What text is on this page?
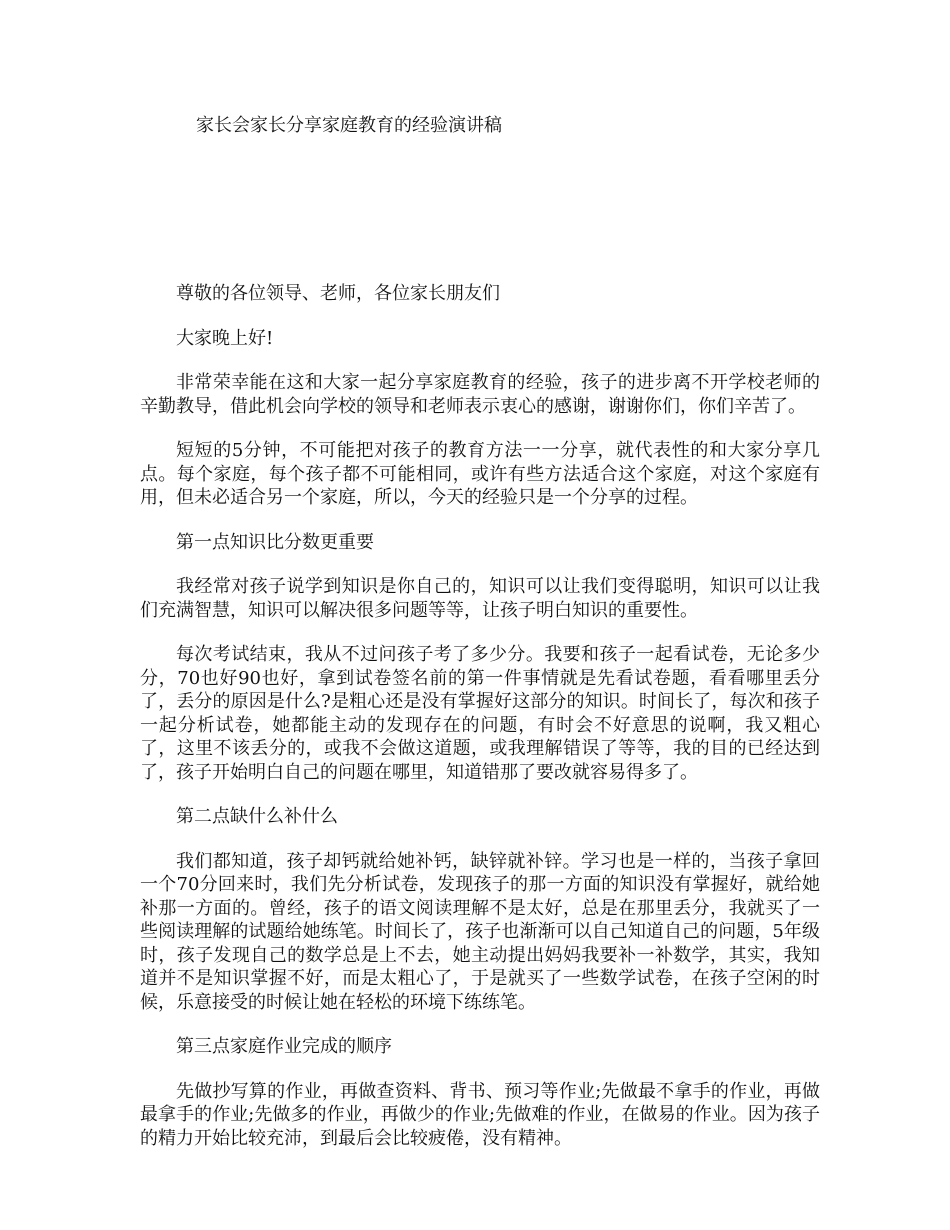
家长会家长分享家庭教育的经验演讲稿

尊敬的各位领导、老师，各位家长朋友们

大家晚上好!

非常荣幸能在这和大家一起分享家庭教育的经验，孩子的进步离不开学校老师的辛勤教导，借此机会向学校的领导和老师表示衷心的感谢，谢谢你们，你们辛苦了。

短短的5分钟，不可能把对孩子的教育方法一一分享，就代表性的和大家分享几点。每个家庭，每个孩子都不可能相同，或许有些方法适合这个家庭，对这个家庭有用，但未必适合另一个家庭，所以，今天的经验只是一个分享的过程。

第一点知识比分数更重要

我经常对孩子说学到知识是你自己的，知识可以让我们变得聪明，知识可以让我们充满智慧，知识可以解决很多问题等等，让孩子明白知识的重要性。

每次考试结束，我从不过问孩子考了多少分。我要和孩子一起看试卷，无论多少分，70也好90也好，拿到试卷签名前的第一件事情就是先看试卷题，看看哪里丢分了，丢分的原因是什么?是粗心还是没有掌握好这部分的知识。时间长了，每次和孩子一起分析试卷，她都能主动的发现存在的问题，有时会不好意思的说啊，我又粗心了，这里不该丢分的，或我不会做这道题，或我理解错误了等等，我的目的已经达到了，孩子开始明白自己的问题在哪里，知道错那了要改就容易得多了。

第二点缺什么补什么

我们都知道，孩子却钙就给她补钙，缺锌就补锌。学习也是一样的，当孩子拿回一个70分回来时，我们先分析试卷，发现孩子的那一方面的知识没有掌握好，就给她补那一方面的。曾经，孩子的语文阅读理解不是太好，总是在那里丢分，我就买了一些阅读理解的试题给她练笔。时间长了，孩子也渐渐可以自己知道自己的问题，5年级时，孩子发现自己的数学总是上不去，她主动提出妈妈我要补一补数学，其实，我知道并不是知识掌握不好，而是太粗心了，于是就买了一些数学试卷，在孩子空闲的时候，乐意接受的时候让她在轻松的环境下练练笔。

第三点家庭作业完成的顺序

先做抄写算的作业，再做查资料、背书、预习等作业;先做最不拿手的作业，再做最拿手的作业;先做多的作业，再做少的作业;先做难的作业，在做易的作业。因为孩子的精力开始比较充沛，到最后会比较疲倦，没有精神。
